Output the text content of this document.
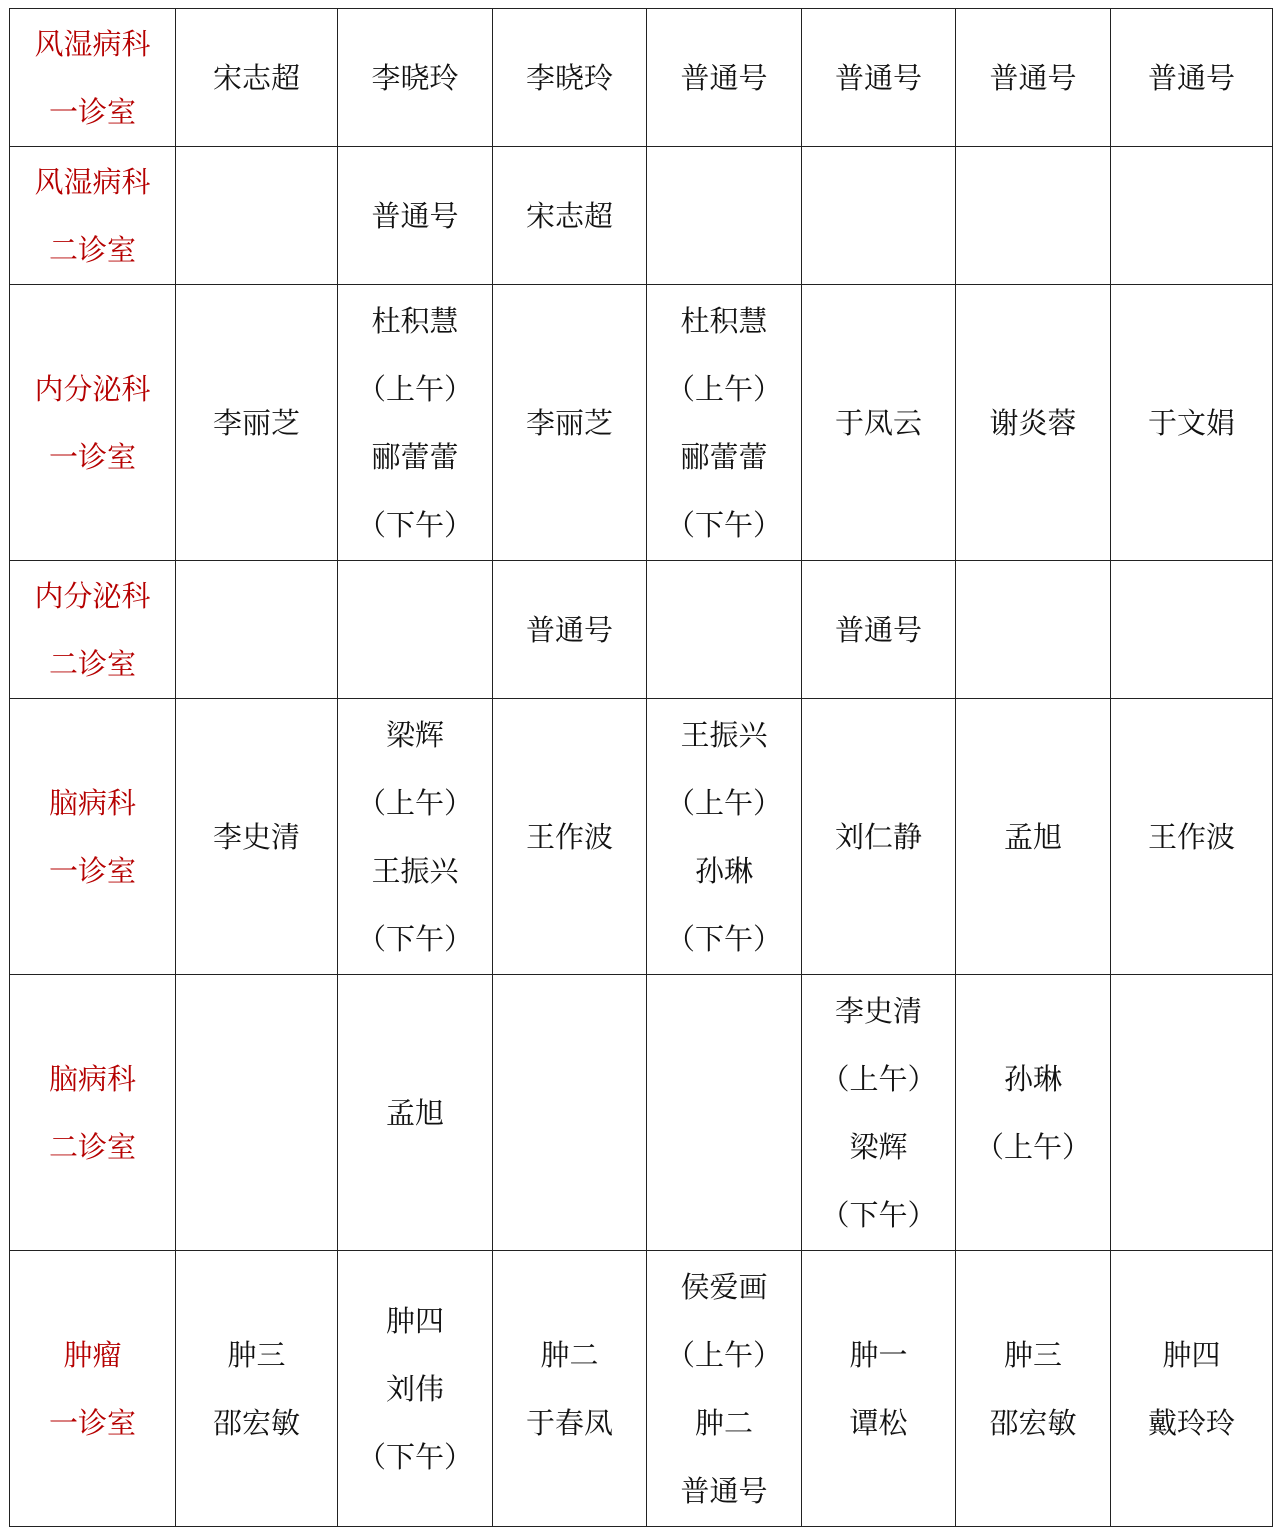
风湿病科
一诊室	宋志超	李晓玲	李晓玲	普通号	普通号	普通号	普通号

风湿病科
二诊室		普通号	宋志超				

内分泌科
一诊室	李丽芝	杜积慧
（上午）
郦蕾蕾
（下午）	李丽芝	杜积慧
（上午）
郦蕾蕾
（下午）	于凤云	谢炎蓉	于文娟

内分泌科
二诊室			普通号		普通号		

脑病科
一诊室	李史清	梁辉
（上午）
王振兴
（下午）	王作波	王振兴
（上午）
孙琳
（下午）	刘仁静	孟旭	王作波

脑病科
二诊室		孟旭			李史清
（上午）
梁辉
（下午）	孙琳
（上午）	

肿瘤
一诊室	肿三
邵宏敏	肿四
刘伟
（下午）	肿二
于春凤	侯爱画
（上午）
肿二
普通号	肿一
谭松	肿三
邵宏敏	肿四
戴玲玲
